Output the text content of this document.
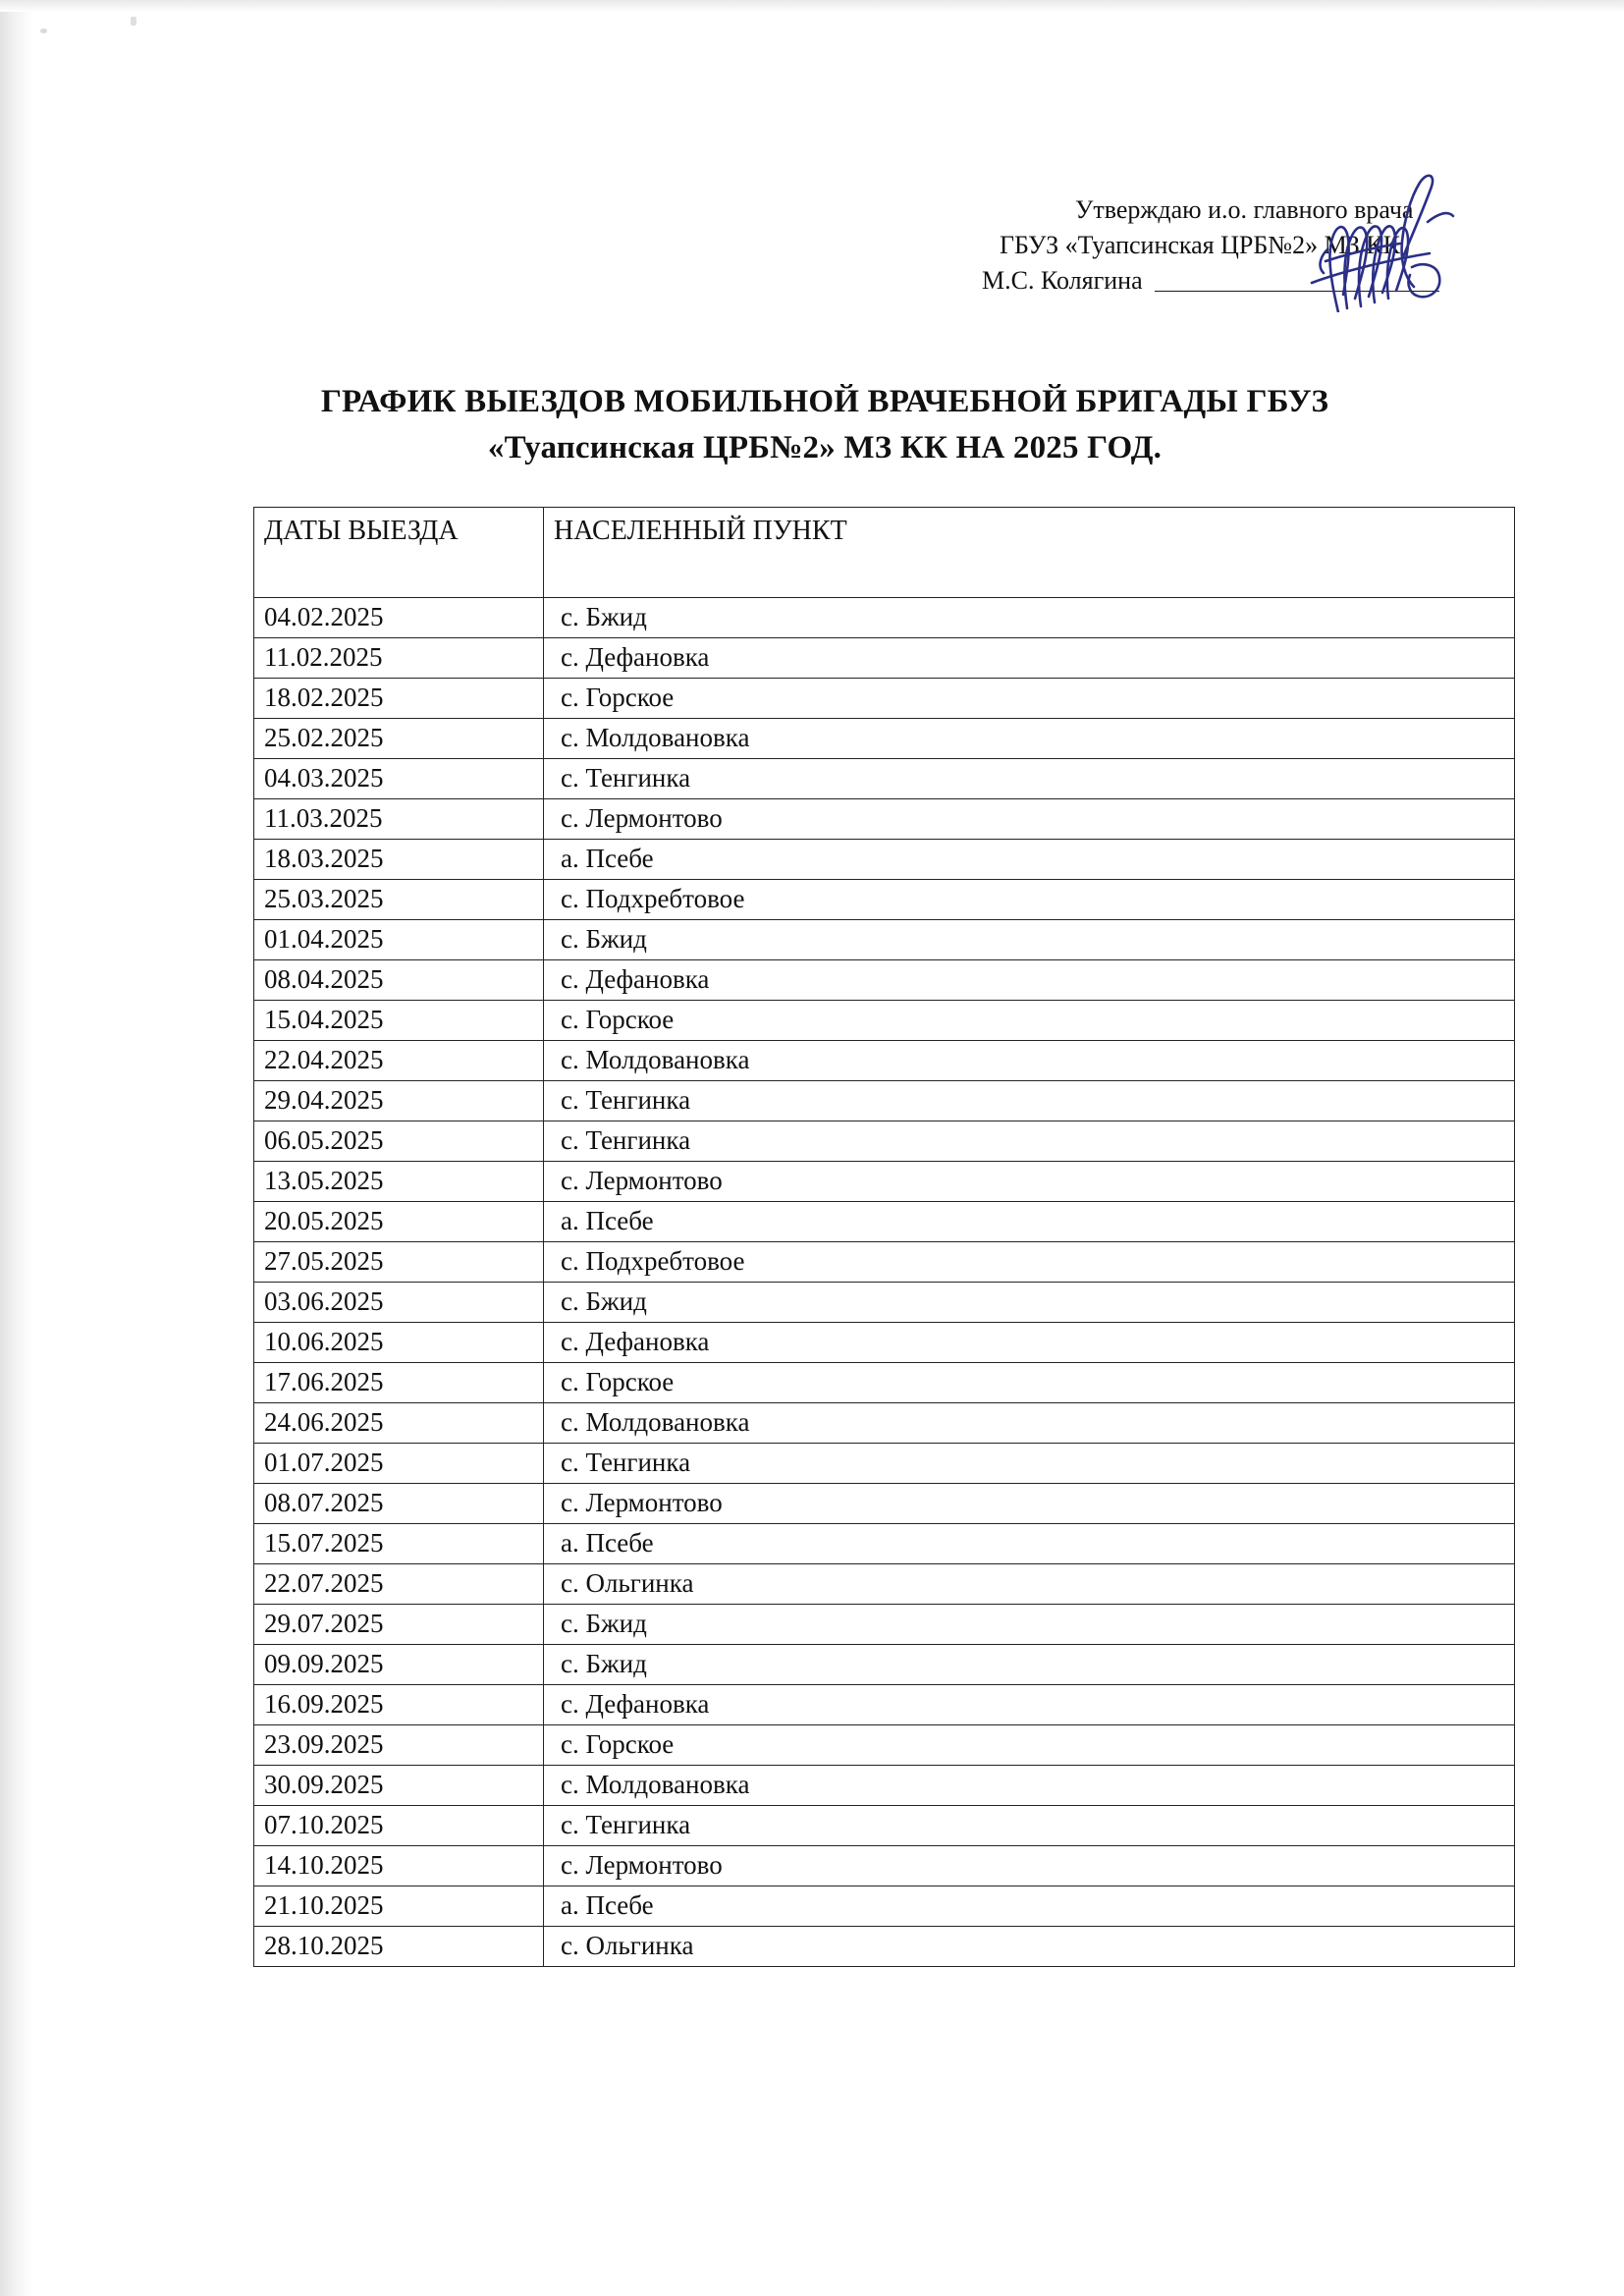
Утверждаю и.о. главного врача
ГБУЗ «Туапсинская ЦРБ№2» МЗ КК
М.С. Колягина
ГРАФИК ВЫЕЗДОВ МОБИЛЬНОЙ ВРАЧЕБНОЙ БРИГАДЫ ГБУЗ
«Туапсинская ЦРБ№2» МЗ КК НА 2025 ГОД.
ДАТЫ ВЫЕЗДА	НАСЕЛЕННЫЙ ПУНКТ
04.02.2025	с. Бжид
11.02.2025	с. Дефановка
18.02.2025	с. Горское
25.02.2025	с. Молдовановка
04.03.2025	с. Тенгинка
11.03.2025	с. Лермонтово
18.03.2025	а. Псебе
25.03.2025	с. Подхребтовое
01.04.2025	с. Бжид
08.04.2025	с. Дефановка
15.04.2025	с. Горское
22.04.2025	с. Молдовановка
29.04.2025	с. Тенгинка
06.05.2025	с. Тенгинка
13.05.2025	с. Лермонтово
20.05.2025	а. Псебе
27.05.2025	с. Подхребтовое
03.06.2025	с. Бжид
10.06.2025	с. Дефановка
17.06.2025	с. Горское
24.06.2025	с. Молдовановка
01.07.2025	с. Тенгинка
08.07.2025	с. Лермонтово
15.07.2025	а. Псебе
22.07.2025	с. Ольгинка
29.07.2025	с. Бжид
09.09.2025	с. Бжид
16.09.2025	с. Дефановка
23.09.2025	с. Горское
30.09.2025	с. Молдовановка
07.10.2025	с. Тенгинка
14.10.2025	с. Лермонтово
21.10.2025	а. Псебе
28.10.2025	с. Ольгинка
